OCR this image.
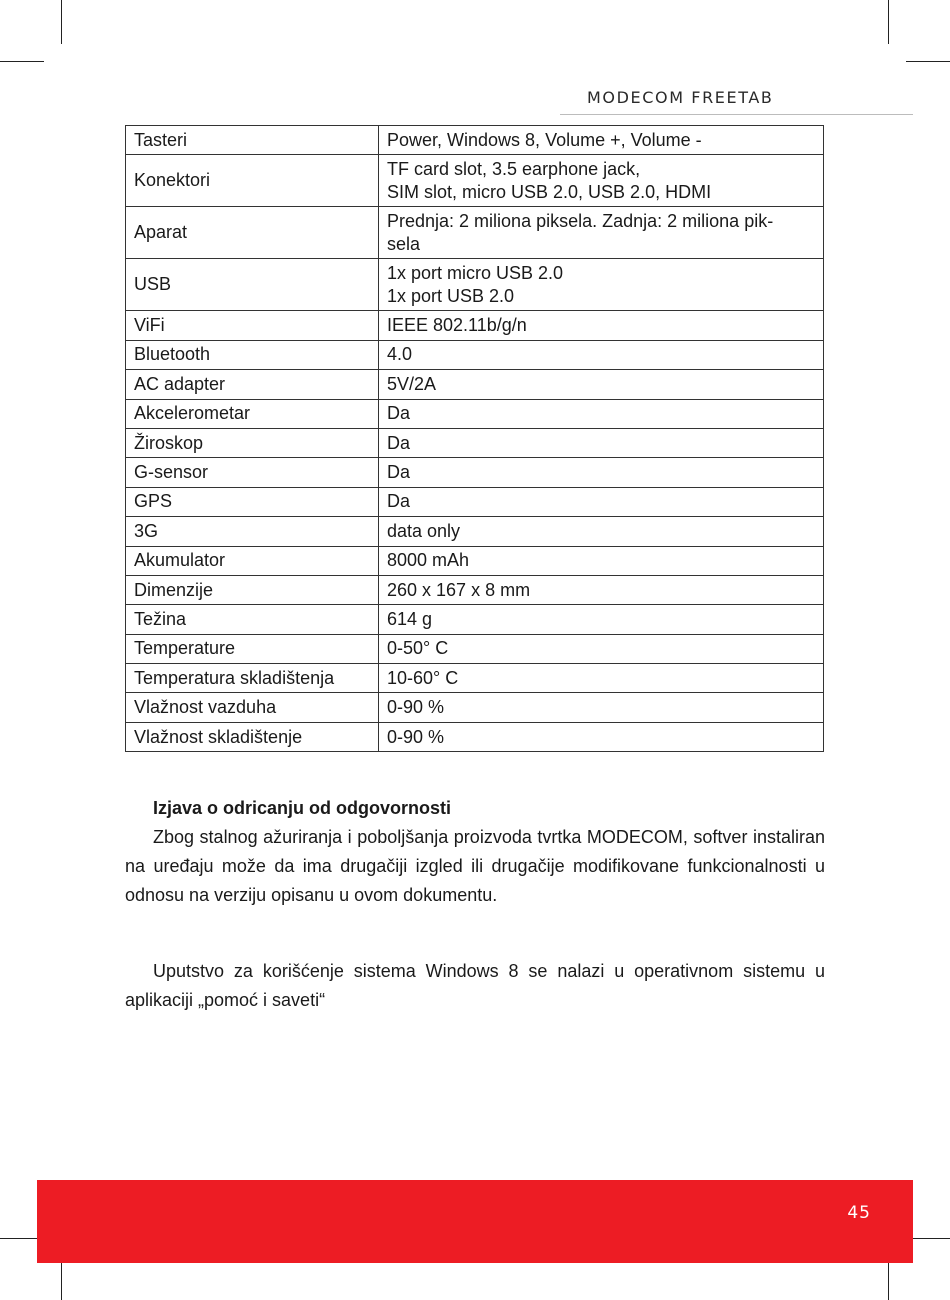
MODECOM FREETAB
Tasteri	Power, Windows 8, Volume +, Volume -

Konektori	TF card slot, 3.5 earphone jack,
SIM slot, micro USB 2.0, USB 2.0, HDMI

Aparat	Prednja: 2 miliona piksela. Zadnja: 2 miliona pik-
sela

USB	1x port micro USB 2.0
1x port USB 2.0

ViFi	IEEE 802.11b/g/n

Bluetooth	4.0

AC adapter	5V/2A

Akcelerometar	Da

Žiroskop	Da

G-sensor	Da

GPS	Da

3G	data only

Akumulator	8000 mAh

Dimenzije	260 x 167 x 8 mm

Težina	614 g

Temperature	0-50° C

Temperatura skladištenja	10-60° C

Vlažnost vazduha	0-90 %

Vlažnost skladištenje	0-90 %
Izjava o odricanju od odgovornosti
Zbog stalnog ažuriranja i poboljšanja proizvoda tvrtka MODECOM, softver instaliran na uređaju može da ima drugačiji izgled ili drugačije modifikovane funkcionalnosti u odnosu na verziju opisanu u ovom dokumentu.
Uputstvo za korišćenje sistema Windows 8 se nalazi u operativnom sistemu u aplikaciji „pomoć i saveti“
45
